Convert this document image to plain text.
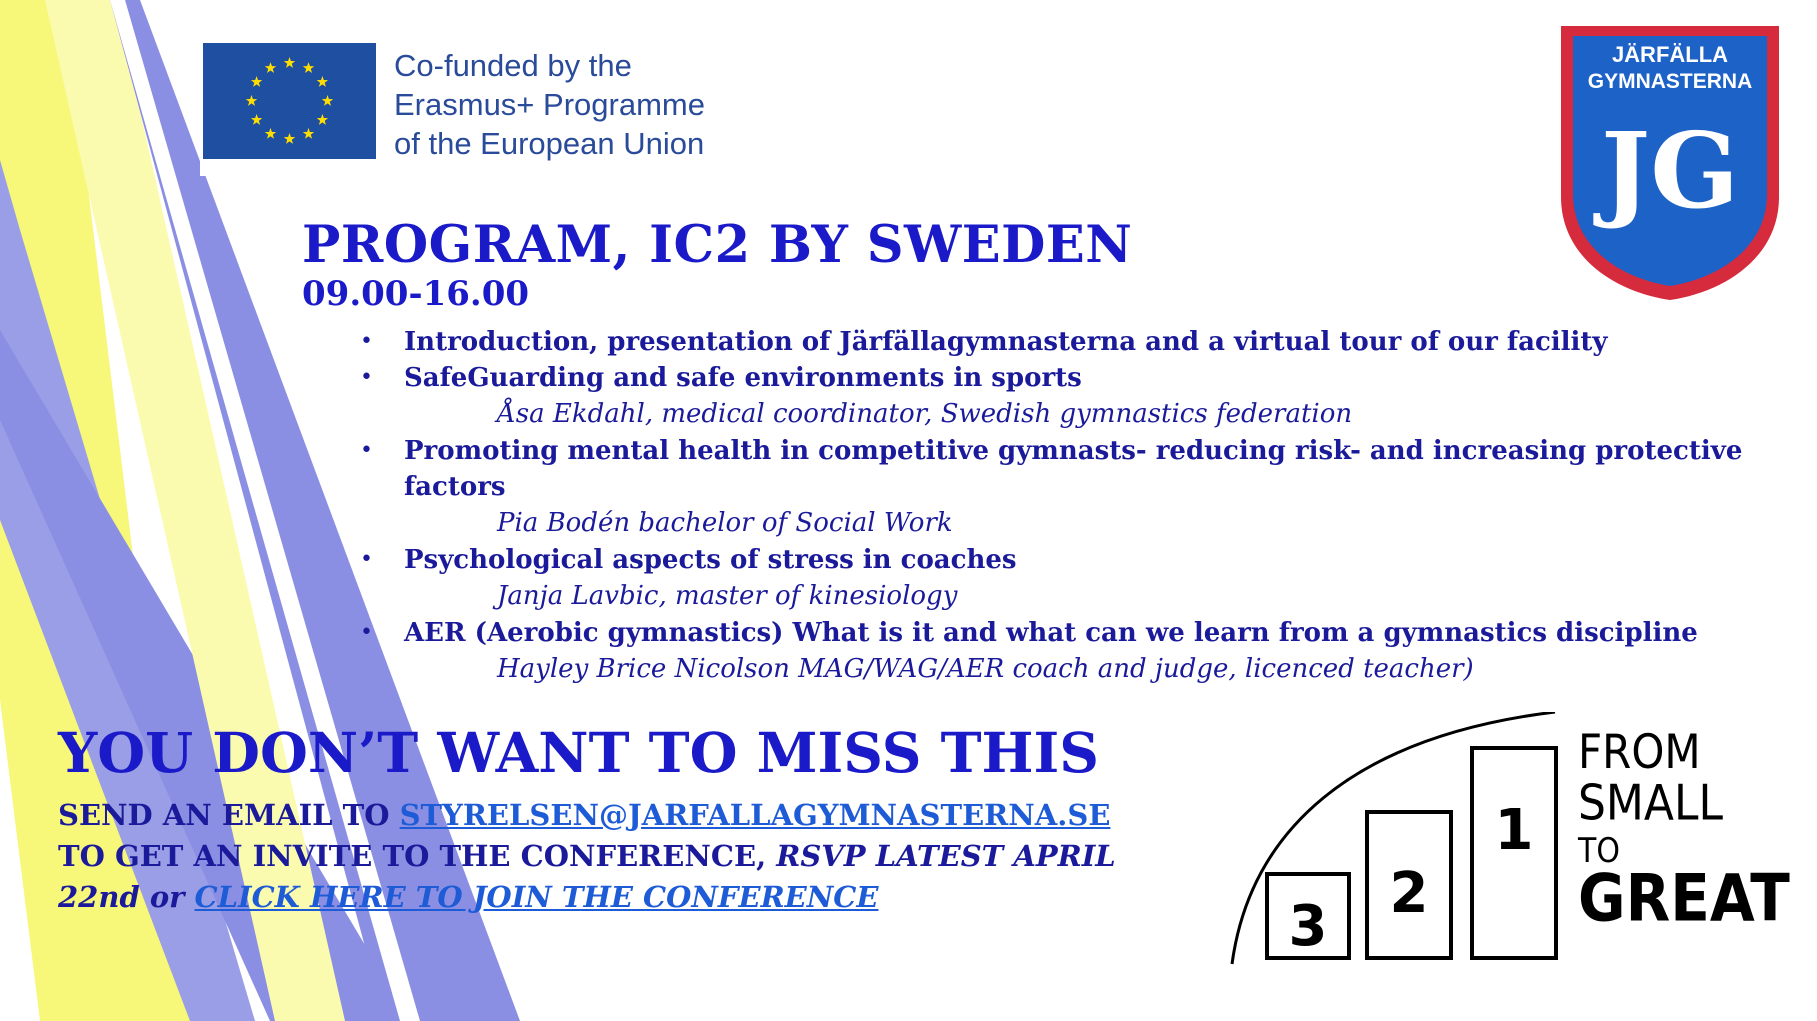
Co-funded by the
Erasmus+ Programme
of the European Union
JÄRFÄLLA
GYMNASTERNA
JG
PROGRAM, IC2 BY SWEDEN
09.00-16.00
• Introduction, presentation of Järfällagymnasterna and a virtual tour of our facility
• SafeGuarding and safe environments in sports
Åsa Ekdahl, medical coordinator, Swedish gymnastics federation
• Promoting mental health in competitive gymnasts- reducing risk- and increasing protective factors
Pia Bodén bachelor of Social Work
• Psychological aspects of stress in coaches
Janja Lavbic, master of kinesiology
• AER (Aerobic gymnastics) What is it and what can we learn from a gymnastics discipline
Hayley Brice Nicolson MAG/WAG/AER coach and judge, licenced teacher)
YOU DON’T WANT TO MISS THIS
SEND AN EMAIL TO STYRELSEN@JARFALLAGYMNASTERNA.SE
TO GET AN INVITE TO THE CONFERENCE, RSVP LATEST APRIL
22nd or CLICK HERE TO JOIN THE CONFERENCE	3
2
1
FROM
SMALL
TO
GREAT
